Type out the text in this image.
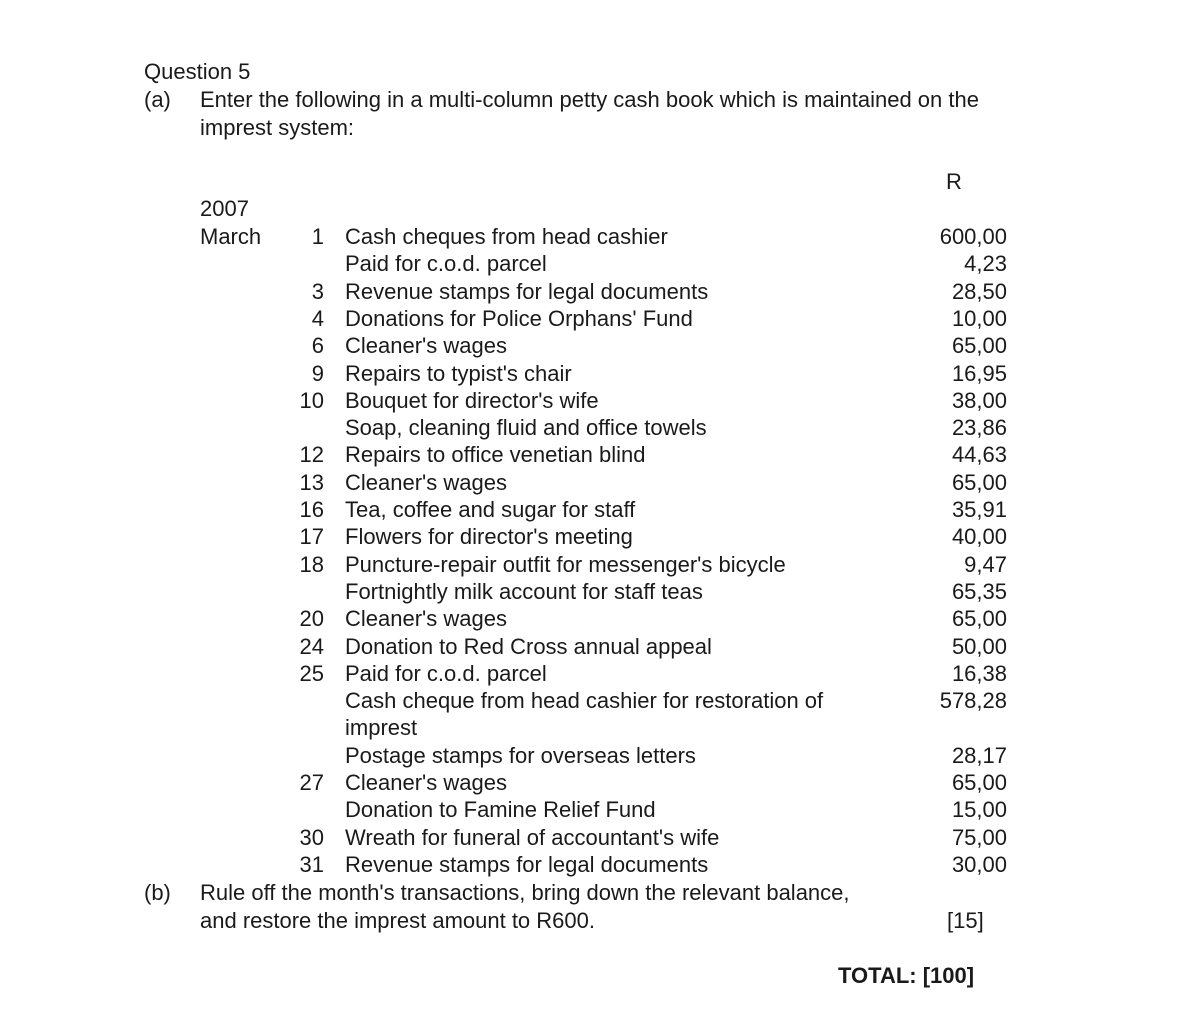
Question 5
(a) Enter the following in a multi-column petty cash book which is maintained on the
imprest system:
R
2007
March	1 Cash cheques from head cashier	600,00
Paid for c.o.d. parcel	4,23
3 Revenue stamps for legal documents	28,50
4 Donations for Police Orphans' Fund	10,00
6 Cleaner's wages	65,00
9 Repairs to typist's chair	16,95
10 Bouquet for director's wife	38,00
Soap, cleaning fluid and office towels	23,86
12 Repairs to office venetian blind	44,63
13 Cleaner's wages	65,00
16 Tea, coffee and sugar for staff	35,91
17 Flowers for director's meeting	40,00
18 Puncture-repair outfit for messenger's bicycle	9,47
Fortnightly milk account for staff teas	65,35
20 Cleaner's wages	65,00
24 Donation to Red Cross annual appeal	50,00
25 Paid for c.o.d. parcel	16,38
Cash cheque from head cashier for restoration of	578,28
imprest
Postage stamps for overseas letters	28,17
27 Cleaner's wages	65,00
Donation to Famine Relief Fund	15,00
30 Wreath for funeral of accountant's wife	75,00
31 Revenue stamps for legal documents	30,00
(b) Rule off the month's transactions, bring down the relevant balance,
and restore the imprest amount to R600.	[15]
TOTAL: [100]
